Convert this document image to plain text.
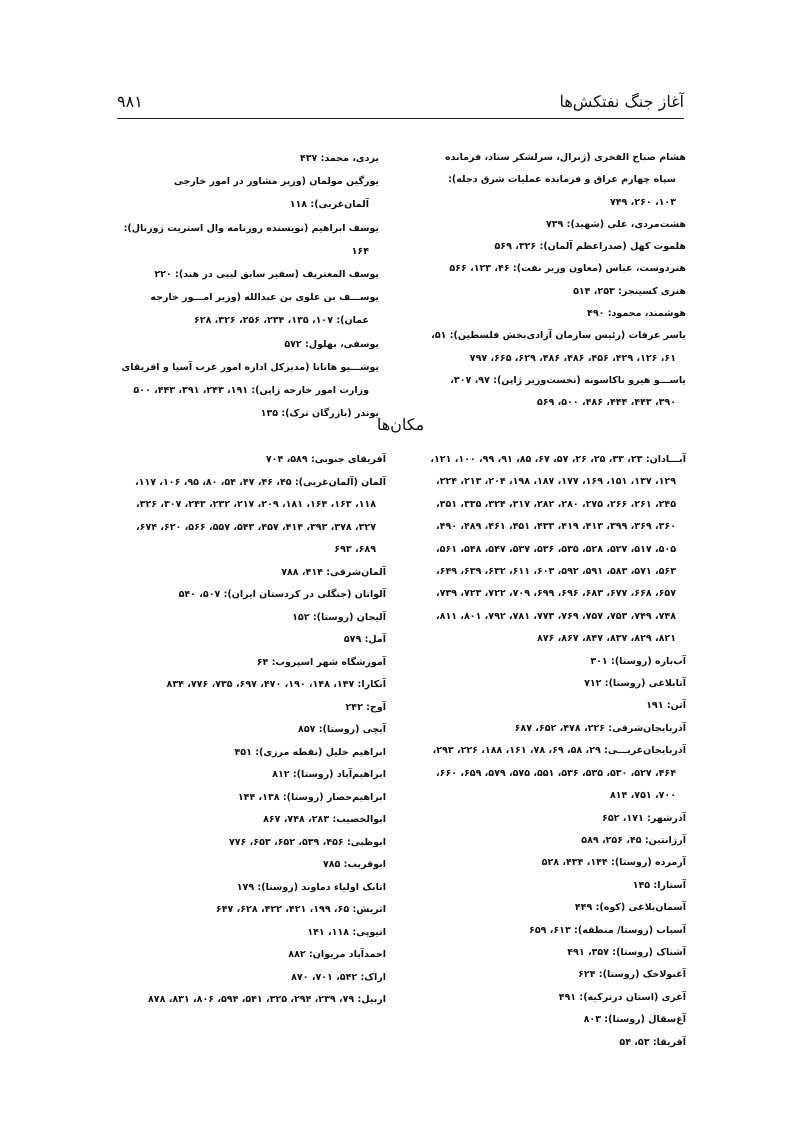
آغاز جنگ نفتکش‌ها
۹۸۱

هشام صباح الفخری (ژنرال، سرلشکر ستاد، فرمانده سپاه چهارم عراق و فرمانده عملیات شرق دجله): ۱۰۳، ۲۶۰، ۷۴۹

هشت‌مردی، علی (شهید): ۷۳۹

هلموت کهل (صدراعظم آلمان): ۳۲۶، ۵۶۹

هنردوست، عباس (معاون وزیر نفت): ۴۶، ۱۲۳، ۵۶۶

هنری کسینجر: ۲۵۳، ۵۱۴

هوشمند، محمود: ۴۹۰

یاسر عرفات (رئیس سازمان آزادی‌بخش فلسطین): ۵۱، ۶۱، ۱۲۶، ۴۲۹، ۴۵۶، ۴۸۶، ۴۸۶، ۶۲۹، ۶۶۵، ۷۹۷

یاســـو هیرو ناکاسونه (نخست‌وزیر ژاپن): ۹۷، ۳۰۷، ۳۹۰، ۴۴۳، ۴۴۴، ۴۸۶، ۵۰۰، ۵۶۹

یزدی، محمد: ۴۳۷

یورگین مولمان (وزیر مشاور در امور خارجی آلمان‌غربی): ۱۱۸

یوسف ابراهیم (نویسنده روزنامه وال استریت ژورنال): ۱۶۴

یوسف المغتریف (سفیر سابق لیبی در هند): ۲۲۰

یوســـف بن علوی بن عبدالله (وزیر امـــور خارجه عمان): ۱۰۷، ۱۳۵، ۲۳۴، ۲۵۶، ۳۲۶، ۶۲۸

یوسفی، بهلول: ۵۷۲

یوشـــیو هاتانا (مدیرکل اداره امور غرب آسیا و افریقای وزارت امور خارجه ژاپن): ۱۹۱، ۲۴۳، ۳۹۱، ۴۴۳، ۵۰۰

یوندر (بازرگان ترک): ۱۳۵

مکان‌ها

آبـــادان: ۲۳، ۳۳، ۲۵، ۲۶، ۵۷، ۶۷، ۸۵، ۹۱، ۹۹، ۱۰۰، ۱۲۱، ۱۲۹، ۱۳۷، ۱۵۱، ۱۶۹، ۱۷۷، ۱۸۷، ۱۹۸، ۲۰۴، ۲۱۳، ۲۲۴، ۲۴۵، ۲۶۱، ۲۶۶، ۲۷۵، ۲۸۰، ۲۸۲، ۳۱۷، ۳۲۴، ۳۳۵، ۳۵۱، ۳۶۰، ۳۶۹، ۳۹۹، ۴۱۳، ۴۱۹، ۴۳۳، ۴۵۱، ۴۶۱، ۴۸۹، ۴۹۰، ۵۰۵، ۵۱۷، ۵۲۷، ۵۲۸، ۵۳۵، ۵۳۶، ۵۳۷، ۵۴۷، ۵۴۸، ۵۶۱، ۵۶۳، ۵۷۱، ۵۸۳، ۵۹۱، ۵۹۲، ۶۰۳، ۶۱۱، ۶۳۲، ۶۳۹، ۶۴۹، ۶۵۷، ۶۶۸، ۶۷۷، ۶۸۳، ۶۹۶، ۶۹۹، ۷۰۹، ۷۲۲، ۷۲۳، ۷۳۹، ۷۴۸، ۷۴۹، ۷۵۳، ۷۵۷، ۷۶۹، ۷۷۳، ۷۸۱، ۷۹۲، ۸۰۱، ۸۱۱، ۸۲۱، ۸۲۹، ۸۳۷، ۸۴۷، ۸۶۷، ۸۷۶

آب‌باره (روستا): ۳۰۱

آتابلاغی (روستا): ۷۱۲

آتن: ۱۹۱

آذربایجان‌شرقی: ۲۲۶، ۴۷۸، ۶۵۲، ۶۸۷

آذربایجان‌غربـــی: ۲۹، ۵۸، ۶۹، ۷۸، ۱۶۱، ۱۸۸، ۲۲۶، ۲۹۳، ۴۶۴، ۵۲۷، ۵۳۰، ۵۳۵، ۵۳۶، ۵۵۱، ۵۷۵، ۵۷۹، ۶۵۹، ۶۶۰، ۷۰۰، ۷۵۱، ۸۱۴

آذرشهر: ۱۷۱، ۶۵۲

آرژانتین: ۴۵، ۲۵۶، ۵۸۹

آرمرده (روستا): ۱۴۴، ۴۳۴، ۵۲۸

آستارا: ۱۴۵

آسمان‌بلاغی (کوه): ۴۴۹

آسیاب (روستا/ منطقه): ۶۱۳، ۶۵۹

آشناک (روستا): ۳۵۷، ۴۹۱

آغبولاخک (روستا): ۶۲۴

آغری (استان درترکیه): ۴۹۱

آغ‌سقال (روستا): ۸۰۳

آفریقا: ۵۳، ۵۴

آفریقای جنوبی: ۵۸۹، ۷۰۴

آلمان (آلمان‌غربی): ۴۵، ۴۶، ۴۷، ۵۴، ۸۰، ۹۵، ۱۰۶، ۱۱۷، ۱۱۸، ۱۶۳، ۱۶۴، ۱۸۱، ۲۰۹، ۲۱۷، ۲۳۲، ۲۴۳، ۳۰۷، ۳۲۶، ۳۲۷، ۳۷۸، ۳۹۳، ۴۱۴، ۴۵۷، ۵۴۳، ۵۵۷، ۵۶۶، ۶۲۰، ۶۷۴، ۶۸۹، ۶۹۳

آلمان‌شرقی: ۴۱۴، ۷۸۸

آلواتان (جنگلی در کردستان ایران): ۵۰۷، ۵۴۰

آلیجان (روستا): ۱۵۲

آمل: ۵۷۹

آموزشگاه شهر اسپروب: ۶۴

آنکارا: ۱۴۷، ۱۴۸، ۱۹۰، ۴۷۰، ۶۹۷، ۷۳۵، ۷۷۶، ۸۳۴

آوج: ۲۴۲

آیچی (روستا): ۸۵۷

ابراهیم خلیل (نقطه مرزی): ۴۵۱

ابراهیم‌آباد (روستا): ۸۱۲

ابراهیم‌حصار (روستا): ۱۳۸، ۱۴۴

ابوالخصیب: ۲۸۳، ۷۴۸، ۸۶۷

ابوظبی: ۴۵۶، ۵۳۹، ۶۵۲، ۶۵۳، ۷۷۶

ابوقریب: ۷۸۵

اتابک اولیاء دماوند (روستا): ۱۷۹

اتریش: ۶۵، ۱۹۹، ۴۲۱، ۴۲۲، ۶۲۸، ۶۴۷

اتیوپی: ۱۱۸، ۱۴۱

احمدآباد مریوان: ۸۸۲

اراک: ۵۴۲، ۷۰۱، ۸۷۰

اربیل: ۷۹، ۲۳۹، ۲۹۴، ۳۲۵، ۵۴۱، ۵۹۴، ۸۰۶، ۸۳۱، ۸۷۸
